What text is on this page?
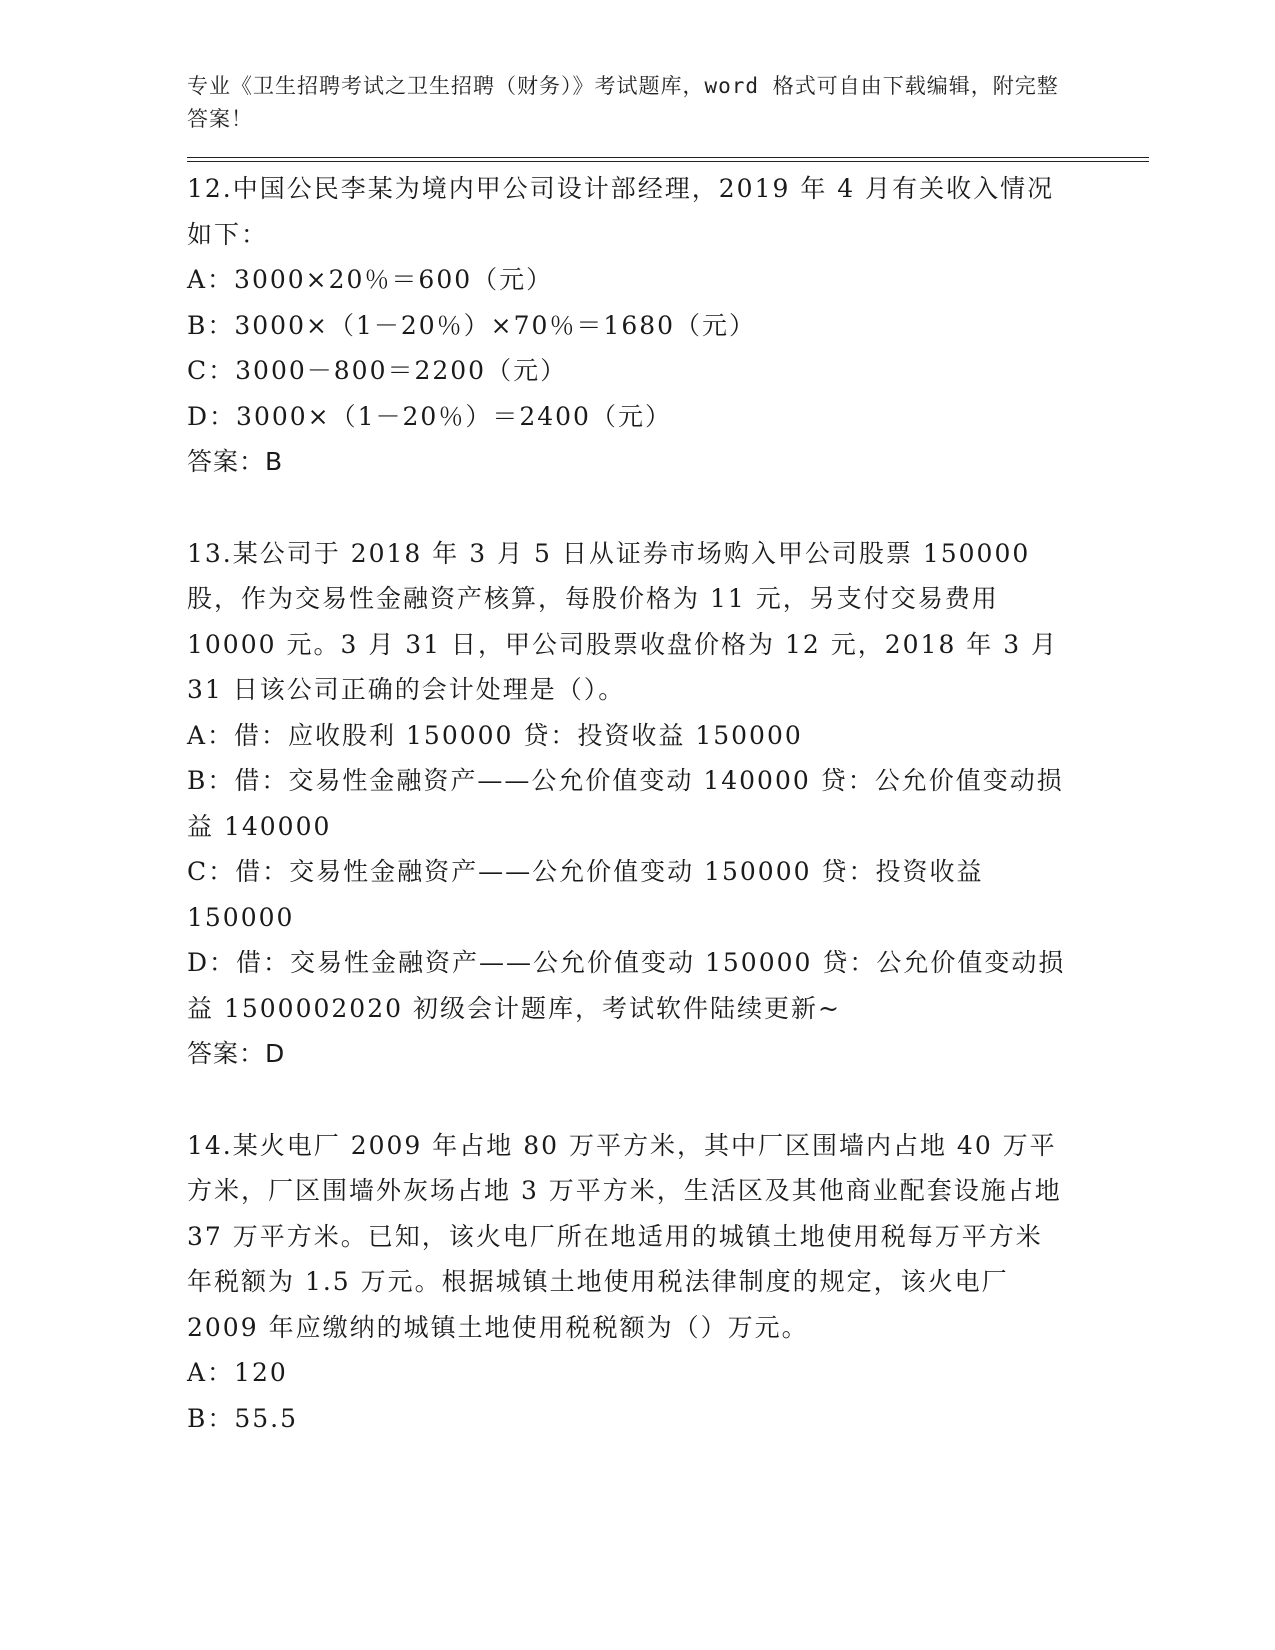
专业《卫生招聘考试之卫生招聘（财务）》考试题库，word 格式可自由下载编辑，附完整答案！
12.中国公民李某为境内甲公司设计部经理，2019 年 4 月有关收入情况如下：
A：3000×20％＝600（元）
B：3000×（1－20％）×70％＝1680（元）
C：3000－800＝2200（元）
D：3000×（1－20％）＝2400（元）
答案：B
13.某公司于 2018 年 3 月 5 日从证券市场购入甲公司股票 150000 股，作为交易性金融资产核算，每股价格为 11 元，另支付交易费用 10000 元。3 月 31 日，甲公司股票收盘价格为 12 元，2018 年 3 月 31 日该公司正确的会计处理是（）。
A：借：应收股利 150000 贷：投资收益 150000
B：借：交易性金融资产——公允价值变动 140000 贷：公允价值变动损益 140000
C：借：交易性金融资产——公允价值变动 150000 贷：投资收益 150000
D：借：交易性金融资产——公允价值变动 150000 贷：公允价值变动损益 1500002020 初级会计题库，考试软件陆续更新~
答案：D
14.某火电厂 2009 年占地 80 万平方米，其中厂区围墙内占地 40 万平方米，厂区围墙外灰场占地 3 万平方米，生活区及其他商业配套设施占地 37 万平方米。已知，该火电厂所在地适用的城镇土地使用税每万平方米年税额为 1.5 万元。根据城镇土地使用税法律制度的规定，该火电厂 2009 年应缴纳的城镇土地使用税税额为（）万元。
A：120
B：55.5
